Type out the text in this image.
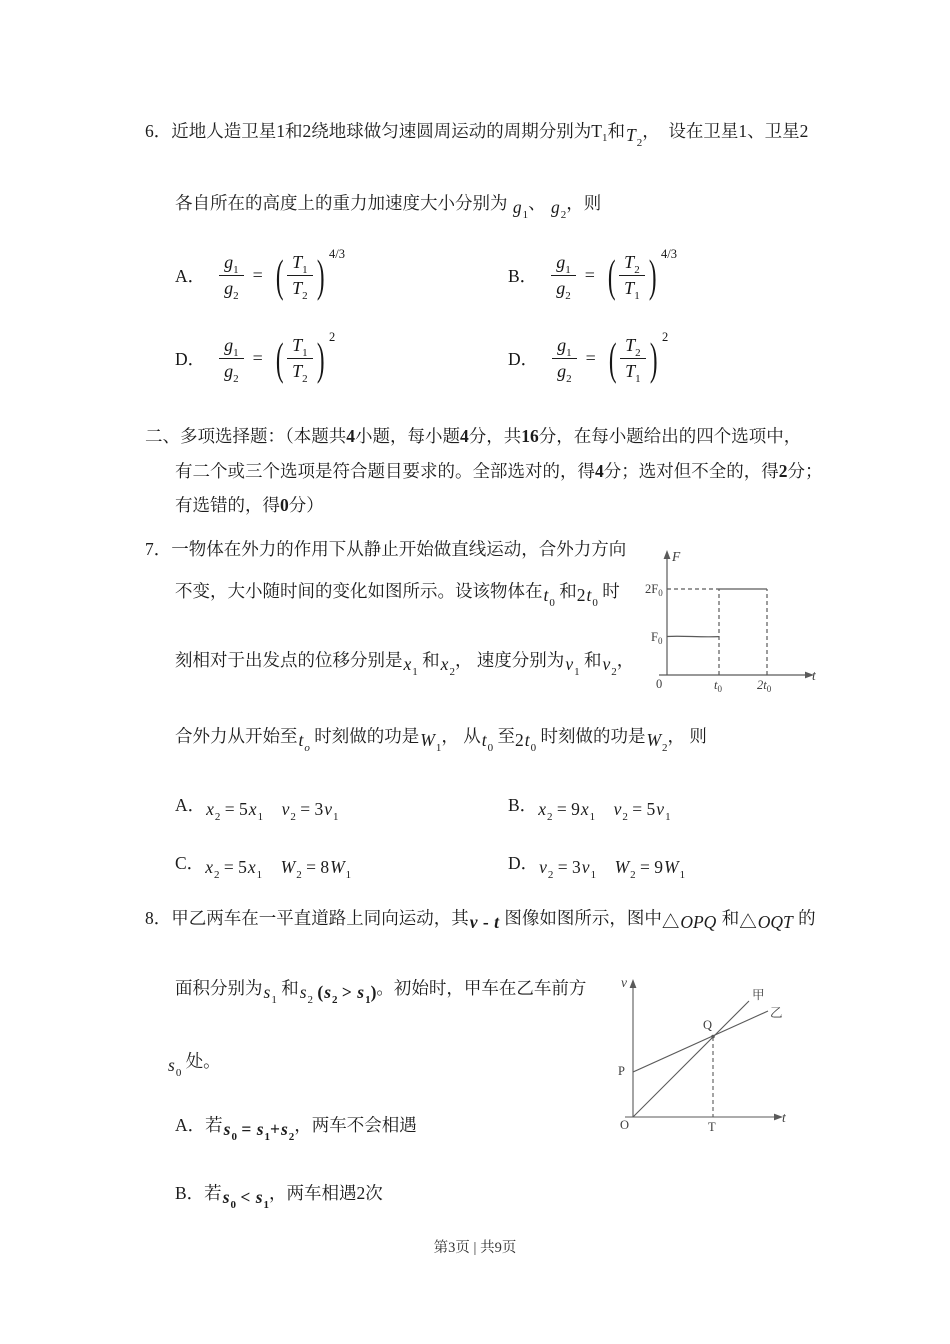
6．近地人造卫星1和2绕地球做匀速圆周运动的周期分别为$T_1$和$T_2$，  设在卫星1、卫星2
各自所在的高度上的重力加速度大小分别为 $g_1$、 $g_2$，则
A． $\frac{g_1}{g_2}$ = ( $\frac{T_1}{T_2}$ ) 4/3
B． $\frac{g_1}{g_2}$ = ( $\frac{T_2}{T_1}$ ) 4/3
D． $\frac{g_1}{g_2}$ = ( $\frac{T_1}{T_2}$ ) 2
D． $\frac{g_1}{g_2}$ = ( $\frac{T_2}{T_1}$ ) 2
二、多项选择题：（本题共4小题，每小题4分，共16分，在每小题给出的四个选项中，
有二个或三个选项是符合题目要求的。全部选对的，得4分；选对但不全的，得2分；
有选错的，得0分）
7．一物体在外力的作用下从静止开始做直线运动，合外力方向
不变，大小随时间的变化如图所示。设该物体在$t_0$ 和$2t_0$ 时
刻相对于出发点的位移分别是$x_1$ 和$x_2$， 速度分别为$v_1$ 和$v_2$，
合外力从开始至$t_o$ 时刻做的功是$W_1$， 从$t_0$ 至$2t_0$ 时刻做的功是$W_2$， 则
A．$x_2 = 5x_1$ $v_2 = 3v_1$
B．$x_2 = 9x_1$ $v_2 = 5v_1$
C．$x_2 = 5x_1$ $W_2 = 8W_1$
D．$v_2 = 3v_1$ $W_2 = 9W_1$
F
$2F_0$
$F_0$
0	$t_0$	$2t_0$
t
8．甲乙两车在一平直道路上同向运动，其v - t 图像如图所示，图中△OPQ 和△OQT 的
面积分别为$s_1$ 和$s_2$ $(s_2 > s_1)$。初始时，甲车在乙车前方
$s_0$ 处。
A．若$s_0 = s_1+s_2$，两车不会相遇
B．若$s_0 < s_1$，两车相遇2次
v
t
O
P
Q
T
甲
乙
第3页 | 共9页
